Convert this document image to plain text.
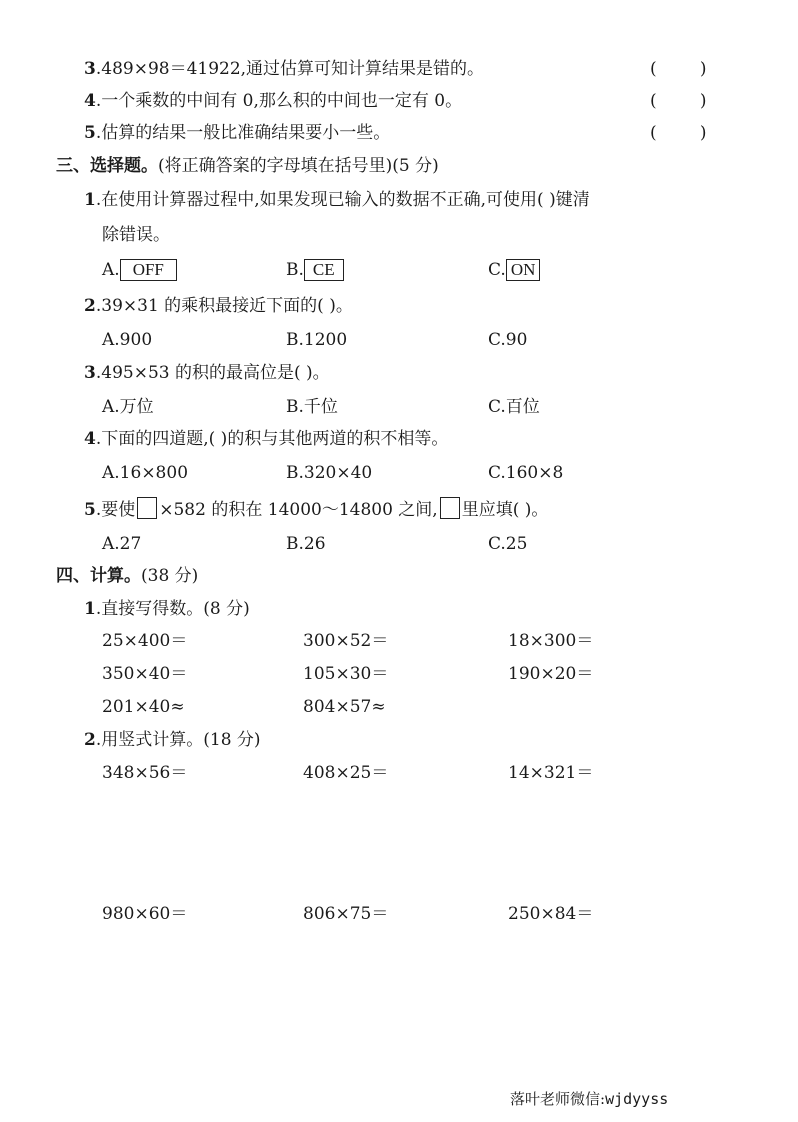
3.489×98＝41922,通过估算可知计算结果是错的。	(        )
4.一个乘数的中间有 0,那么积的中间也一定有 0。	(        )
5.估算的结果一般比准确结果要小一些。	(        )
三、选择题。(将正确答案的字母填在括号里)(5 分)
1.在使用计算器过程中,如果发现已输入的数据不正确,可使用( )键清
除错误。
A. OFF	B. CE	C. ON
2.39×31 的乘积最接近下面的( )。
A.900	B.1200	C.90
3.495×53 的积的最高位是( )。
A.万位	B.千位	C.百位
4.下面的四道题,( )的积与其他两道的积不相等。
A.16×800	B.320×40	C.160×8
5.要使 ×582 的积在 14000～14800 之间, 里应填( )。
A.27	B.26	C.25
四、计算。(38 分)
1.直接写得数。(8 分)
25×400＝	300×52＝	18×300＝
350×40＝	105×30＝	190×20＝
201×40≈	804×57≈
2.用竖式计算。(18 分)
348×56＝	408×25＝	14×321＝
980×60＝	806×75＝	250×84＝
落叶老师微信:wjdyyss
